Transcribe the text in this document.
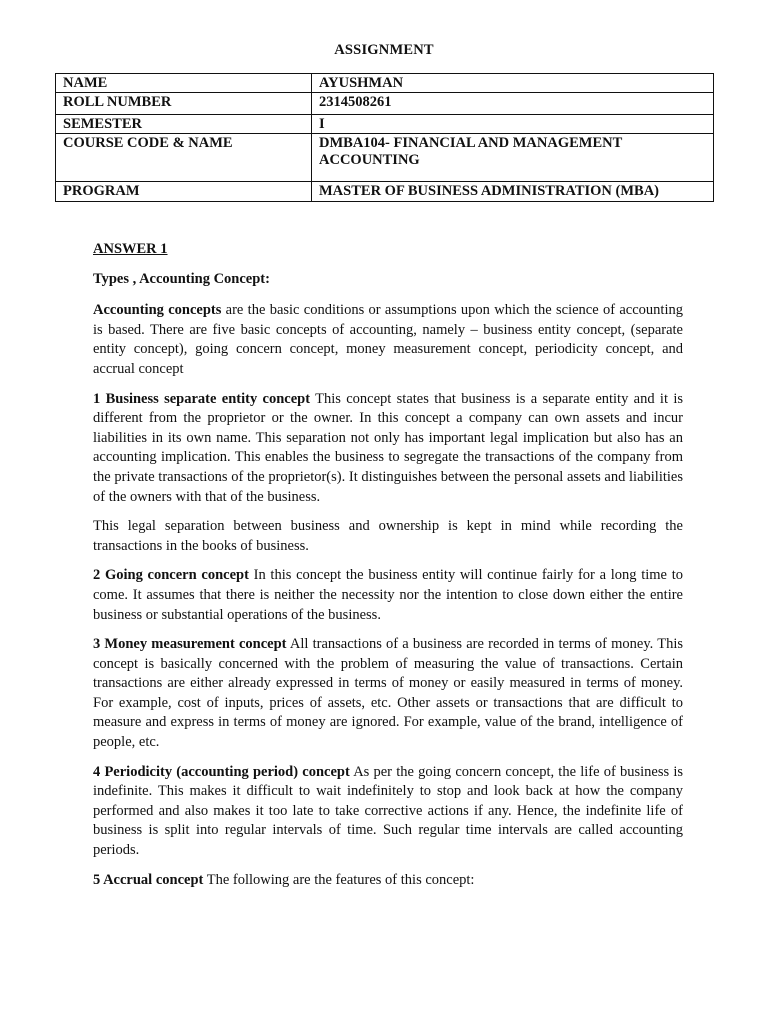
ASSIGNMENT
NAME	AYUSHMAN
ROLL NUMBER	2314508261
SEMESTER	I
COURSE CODE & NAME	DMBA104- FINANCIAL AND MANAGEMENT ACCOUNTING
PROGRAM	MASTER OF BUSINESS ADMINISTRATION (MBA)

ANSWER 1

Types , Accounting Concept:

Accounting concepts are the basic conditions or assumptions upon which the science of accounting is based. There are five basic concepts of accounting, namely – business entity concept, (separate entity concept), going concern concept, money measurement concept, periodicity concept, and accrual concept

1 Business separate entity concept This concept states that business is a separate entity and it is different from the proprietor or the owner. In this concept a company can own assets and incur liabilities in its own name. This separation not only has important legal implication but also has an accounting implication. This enables the business to segregate the transactions of the company from the private transactions of the proprietor(s). It distinguishes between the personal assets and liabilities of the owners with that of the business.

This legal separation between business and ownership is kept in mind while recording the transactions in the books of business.

2 Going concern concept In this concept the business entity will continue fairly for a long time to come. It assumes that there is neither the necessity nor the intention to close down either the entire business or substantial operations of the business.

3 Money measurement concept All transactions of a business are recorded in terms of money. This concept is basically concerned with the problem of measuring the value of transactions. Certain transactions are either already expressed in terms of money or easily measured in terms of money. For example, cost of inputs, prices of assets, etc. Other assets or transactions that are difficult to measure and express in terms of money are ignored. For example, value of the brand, intelligence of people, etc.

4 Periodicity (accounting period) concept As per the going concern concept, the life of business is indefinite. This makes it difficult to wait indefinitely to stop and look back at how the company performed and also makes it too late to take corrective actions if any. Hence, the indefinite life of business is split into regular intervals of time. Such regular time intervals are called accounting periods.

5 Accrual concept The following are the features of this concept:
